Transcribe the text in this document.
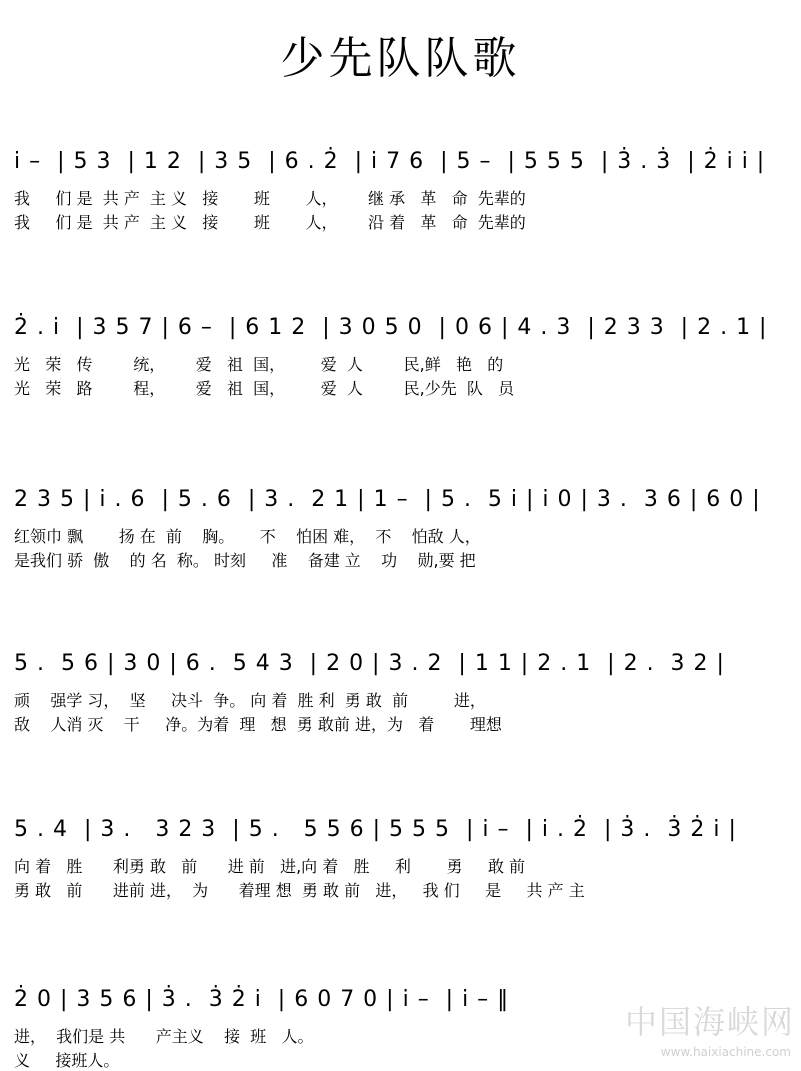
少先队队歌
i̇ –  | 5 3  | 1 2  | 3 5  | 6 . 2̇  | i̇ 7 6  | 5 –  | 5 5 5  | 3̇ . 3̇  | 2̇ i̇ i̇ |
我     们 是  共 产  主 义   接       班       人，      继 承   革   命  先辈的
我     们 是  共 产  主 义   接       班       人，      沿 着   革   命  先辈的
2̇ . i̇  | 3 5 7 | 6 –  | 6 1 2  | 3 0 5 0  | 0 6 | 4 . 3  | 2 3 3  | 2 . 1 |
光   荣   传        统，      爱   祖  国，       爱  人        民,鲜   艳   的
光   荣   路        程，      爱   祖  国，       爱  人        民,少先  队   员
2 3 5 | i̇ . 6  | 5 . 6  | 3 .  2 1 | 1 –  | 5 .  5 i̇ | i̇ 0 | 3 .  3 6 | 6 0 |
红领巾 飘       扬 在  前    胸。     不    怕困 难，  不    怕敌 人，
是我们 骄  傲    的 名  称。 时刻     准    备建 立    功    勋,要 把
5 .  5 6 | 3 0 | 6 .  5 4 3  | 2 0 | 3 . 2  | 1 1 | 2 . 1  | 2 .  3 2 |
顽    强学 习，  坚     决斗  争。 向 着  胜 利  勇 敢  前         进，
敌    人消 灭    干     净。为着  理   想  勇 敢前 进，为   着       理想
5 . 4  | 3 .   3 2 3  | 5 .   5 5 6 | 5 5 5  | i̇ –  | i̇ . 2̇  | 3̇ .  3̇ 2̇ i̇ |
向 着   胜      利勇 敢   前      进 前   进,向 着   胜     利       勇     敢 前
勇 敢   前      进前 进，  为      着理 想  勇 敢 前   进，   我 们     是     共 产 主
2̇ 0 | 3 5 6 | 3̇ .  3̇ 2̇ i̇  | 6 0 7 0 | i̇ –  | i̇ – ‖
进，  我们是 共      产主义    接  班   人。
义     接班人。
中国海峡网
www.haixiachine.com
